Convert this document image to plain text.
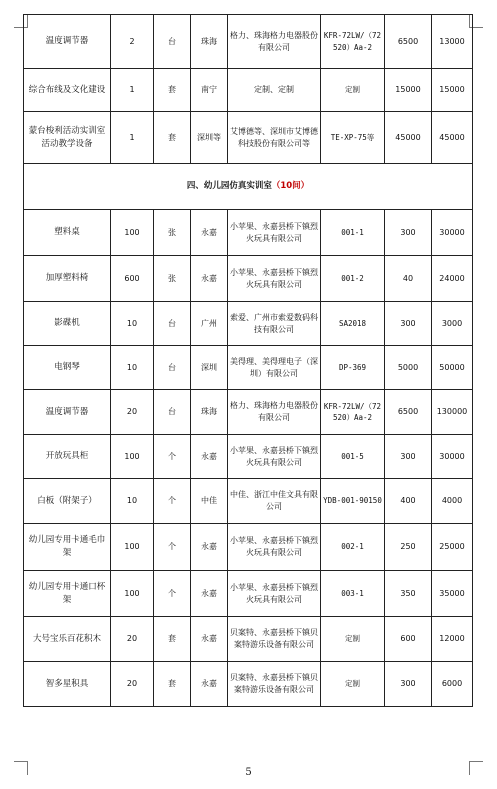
温度调节器	2	台	珠海	格力、珠海格力电器股份有限公司	KFR-72LW/（72520）Aa-2	6500	13000
综合布线及文化建设	1	套	南宁	定制、定制	定制	15000	15000
蒙台梭利活动实训室活动教学设备	1	套	深圳等	艾博德等、深圳市艾博德科技股份有限公司等	TE-XP-75等	45000	45000
四、幼儿园仿真实训室（10间）							
塑料桌	100	张	永嘉	小苹果、永嘉县桥下镇烈火玩具有限公司	001-1	300	30000
加厚塑料椅	600	张	永嘉	小苹果、永嘉县桥下镇烈火玩具有限公司	001-2	40	24000
影碟机	10	台	广州	索爱、广州市索爱数码科技有限公司	SA2018	300	3000
电钢琴	10	台	深圳	美得理、美得理电子（深圳）有限公司	DP-369	5000	50000
温度调节器	20	台	珠海	格力、珠海格力电器股份有限公司	KFR-72LW/（72520）Aa-2	6500	130000
开放玩具柜	100	个	永嘉	小苹果、永嘉县桥下镇烈火玩具有限公司	001-5	300	30000
白板（附架子）	10	个	中佳	中佳、浙江中佳文具有限公司	YDB-001-90150	400	4000
幼儿园专用卡通毛巾架	100	个	永嘉	小苹果、永嘉县桥下镇烈火玩具有限公司	002-1	250	25000
幼儿园专用卡通口杯架	100	个	永嘉	小苹果、永嘉县桥下镇烈火玩具有限公司	003-1	350	35000
大号宝乐百花积木	20	套	永嘉	贝案特、永嘉县桥下镇贝案特游乐设备有限公司	定制	600	12000
智多星积具	20	套	永嘉	贝案特、永嘉县桥下镇贝案特游乐设备有限公司	定制	300	6000
5
